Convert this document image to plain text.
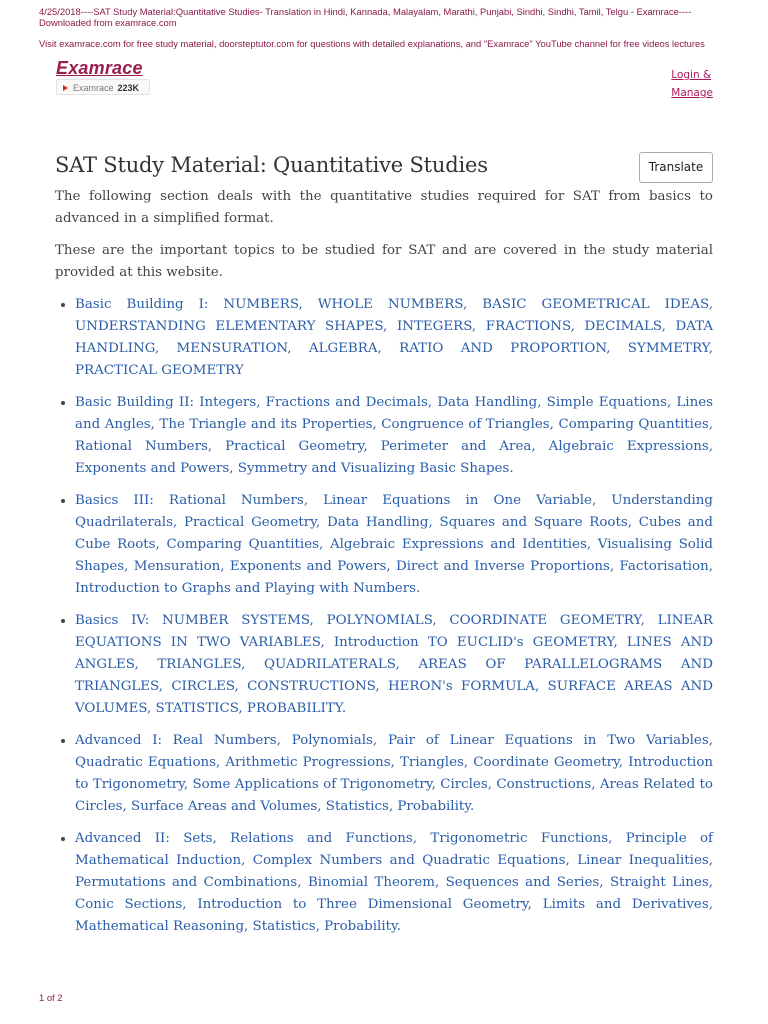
4/25/2018----SAT Study Material:Quantitative Studies- Translation in Hindi, Kannada, Malayalam, Marathi, Punjabi, Sindhi, Sindhi, Tamil, Telgu - Examrace----Downloaded from examrace.com
Visit examrace.com for free study material, doorsteptutor.com for questions with detailed explanations, and "Examrace" YouTube channel for free videos lectures
Examrace
Examrace 223K
Login &
Manage
SAT Study Material: Quantitative Studies	Translate

The following section deals with the quantitative studies required for SAT from basics to advanced in a simplified format.

These are the important topics to be studied for SAT and are covered in the study material provided at this website.

Basic Building I: NUMBERS, WHOLE NUMBERS, BASIC GEOMETRICAL IDEAS, UNDERSTANDING ELEMENTARY SHAPES, INTEGERS, FRACTIONS, DECIMALS, DATA HANDLING, MENSURATION, ALGEBRA, RATIO AND PROPORTION, SYMMETRY, PRACTICAL GEOMETRY
Basic Building II: Integers, Fractions and Decimals, Data Handling, Simple Equations, Lines and Angles, The Triangle and its Properties, Congruence of Triangles, Comparing Quantities, Rational Numbers, Practical Geometry, Perimeter and Area, Algebraic Expressions, Exponents and Powers, Symmetry and Visualizing Basic Shapes.
Basics III: Rational Numbers, Linear Equations in One Variable, Understanding Quadrilaterals, Practical Geometry, Data Handling, Squares and Square Roots, Cubes and Cube Roots, Comparing Quantities, Algebraic Expressions and Identities, Visualising Solid Shapes, Mensuration, Exponents and Powers, Direct and Inverse Proportions, Factorisation, Introduction to Graphs and Playing with Numbers.
Basics IV: NUMBER SYSTEMS, POLYNOMIALS, COORDINATE GEOMETRY, LINEAR EQUATIONS IN TWO VARIABLES, Introduction TO EUCLID's GEOMETRY, LINES AND ANGLES, TRIANGLES, QUADRILATERALS, AREAS OF PARALLELOGRAMS AND TRIANGLES, CIRCLES, CONSTRUCTIONS, HERON's FORMULA, SURFACE AREAS AND VOLUMES, STATISTICS, PROBABILITY.
Advanced I: Real Numbers, Polynomials, Pair of Linear Equations in Two Variables, Quadratic Equations, Arithmetic Progressions, Triangles, Coordinate Geometry, Introduction to Trigonometry, Some Applications of Trigonometry, Circles, Constructions, Areas Related to Circles, Surface Areas and Volumes, Statistics, Probability.
Advanced II: Sets, Relations and Functions, Trigonometric Functions, Principle of Mathematical Induction, Complex Numbers and Quadratic Equations, Linear Inequalities, Permutations and Combinations, Binomial Theorem, Sequences and Series, Straight Lines, Conic Sections, Introduction to Three Dimensional Geometry, Limits and Derivatives, Mathematical Reasoning, Statistics, Probability.
1 of 2
